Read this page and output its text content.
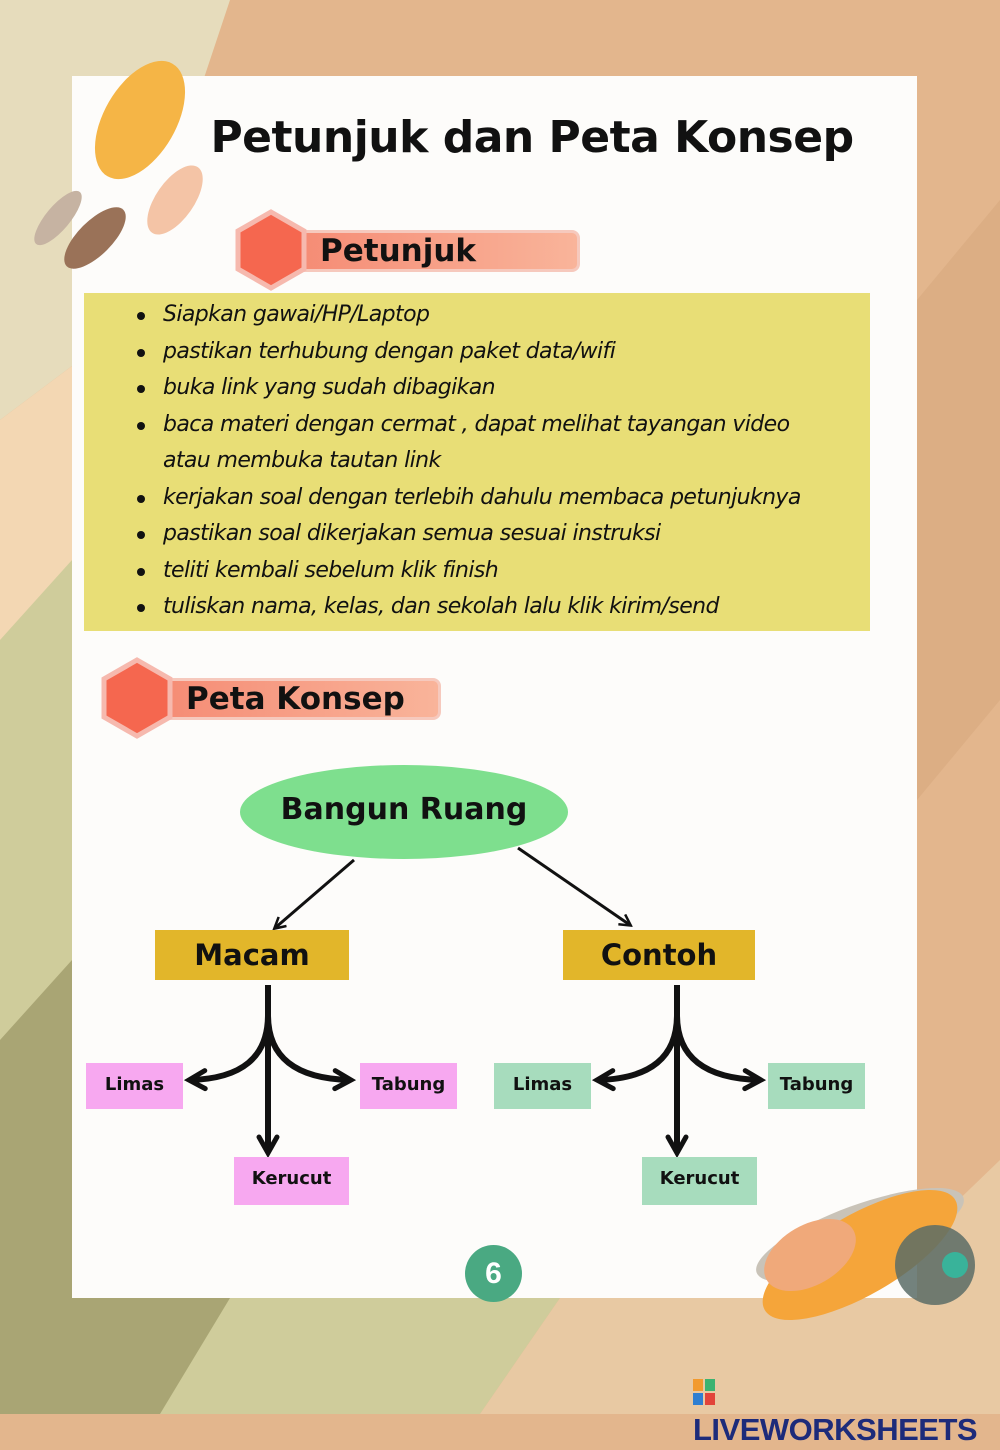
Petunjuk dan Peta Konsep
Petunjuk
Siapkan gawai/HP/Laptop
pastikan terhubung dengan paket data/wifi
buka link yang sudah dibagikan
baca materi dengan cermat , dapat melihat tayangan video atau membuka tautan link
kerjakan soal dengan terlebih dahulu membaca petunjuknya
pastikan soal dikerjakan semua sesuai instruksi
teliti kembali sebelum klik finish
tuliskan nama, kelas, dan sekolah lalu klik kirim/send
Peta Konsep
Bangun Ruang
Macam	Contoh
Limas	Tabung
Kerucut
Limas	Tabung
Kerucut
6
LIVEWORKSHEETS
